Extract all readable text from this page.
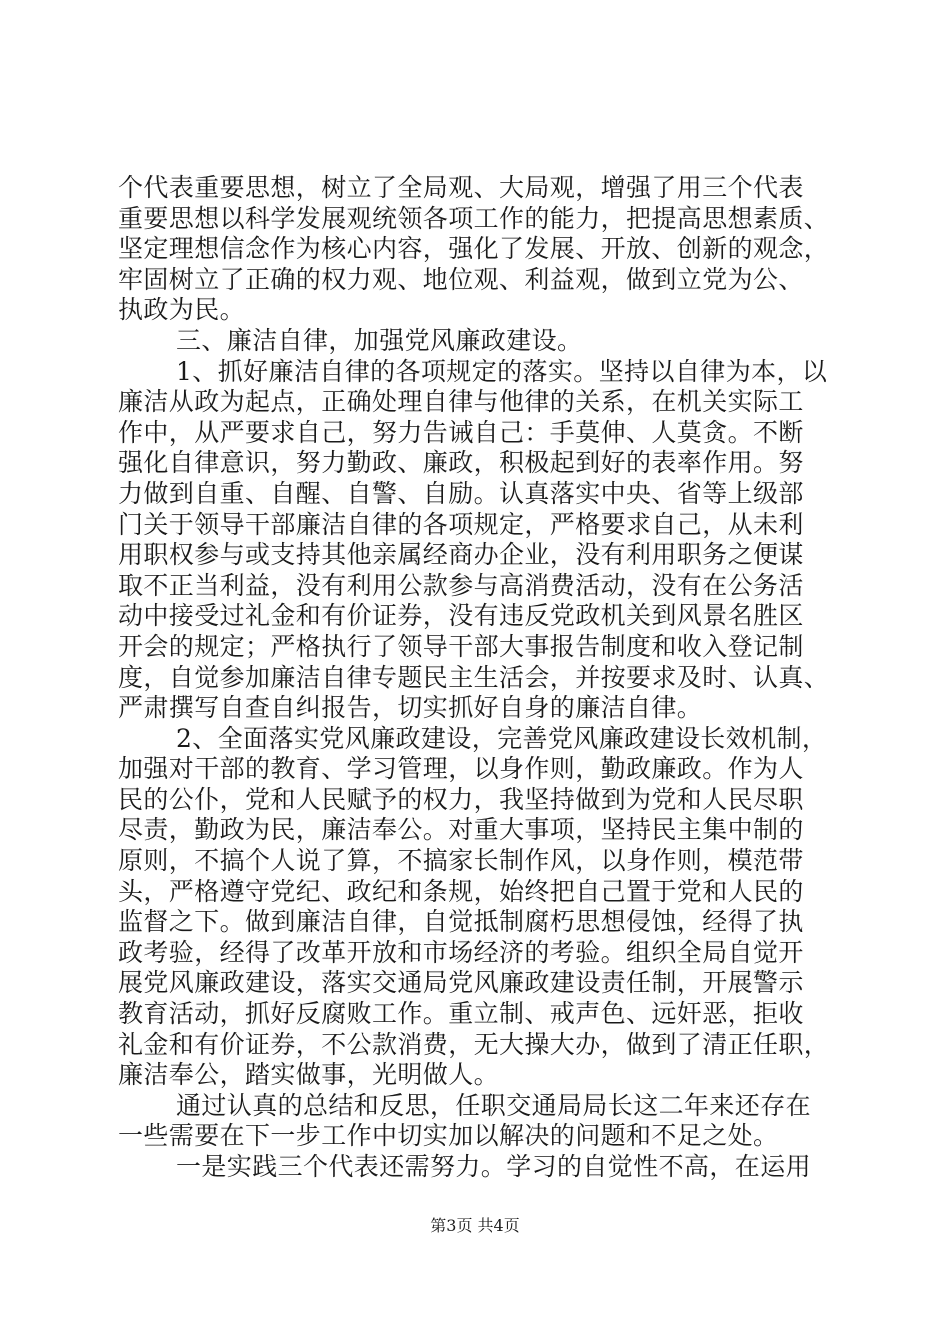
个代表重要思想，树立了全局观、大局观，增强了用三个代表
重要思想以科学发展观统领各项工作的能力，把提高思想素质、
坚定理想信念作为核心内容，强化了发展、开放、创新的观念，
牢固树立了正确的权力观、地位观、利益观，做到立党为公、
执政为民。
三、廉洁自律，加强党风廉政建设。
1、抓好廉洁自律的各项规定的落实。坚持以自律为本，以
廉洁从政为起点，正确处理自律与他律的关系，在机关实际工
作中，从严要求自己，努力告诫自己：手莫伸、人莫贪。不断
强化自律意识，努力勤政、廉政，积极起到好的表率作用。努
力做到自重、自醒、自警、自励。认真落实中央、省等上级部
门关于领导干部廉洁自律的各项规定，严格要求自己，从未利
用职权参与或支持其他亲属经商办企业，没有利用职务之便谋
取不正当利益，没有利用公款参与高消费活动，没有在公务活
动中接受过礼金和有价证券，没有违反党政机关到风景名胜区
开会的规定；严格执行了领导干部大事报告制度和收入登记制
度，自觉参加廉洁自律专题民主生活会，并按要求及时、认真、
严肃撰写自查自纠报告，切实抓好自身的廉洁自律。
2、全面落实党风廉政建设，完善党风廉政建设长效机制，
加强对干部的教育、学习管理，以身作则，勤政廉政。作为人
民的公仆，党和人民赋予的权力，我坚持做到为党和人民尽职
尽责，勤政为民，廉洁奉公。对重大事项，坚持民主集中制的
原则，不搞个人说了算，不搞家长制作风，以身作则，模范带
头，严格遵守党纪、政纪和条规，始终把自己置于党和人民的
监督之下。做到廉洁自律，自觉抵制腐朽思想侵蚀，经得了执
政考验，经得了改革开放和市场经济的考验。组织全局自觉开
展党风廉政建设，落实交通局党风廉政建设责任制，开展警示
教育活动，抓好反腐败工作。重立制、戒声色、远奸恶，拒收
礼金和有价证券，不公款消费，无大操大办，做到了清正任职，
廉洁奉公，踏实做事，光明做人。
通过认真的总结和反思，任职交通局局长这二年来还存在
一些需要在下一步工作中切实加以解决的问题和不足之处。
一是实践三个代表还需努力。学习的自觉性不高，在运用
第3页 共4页
